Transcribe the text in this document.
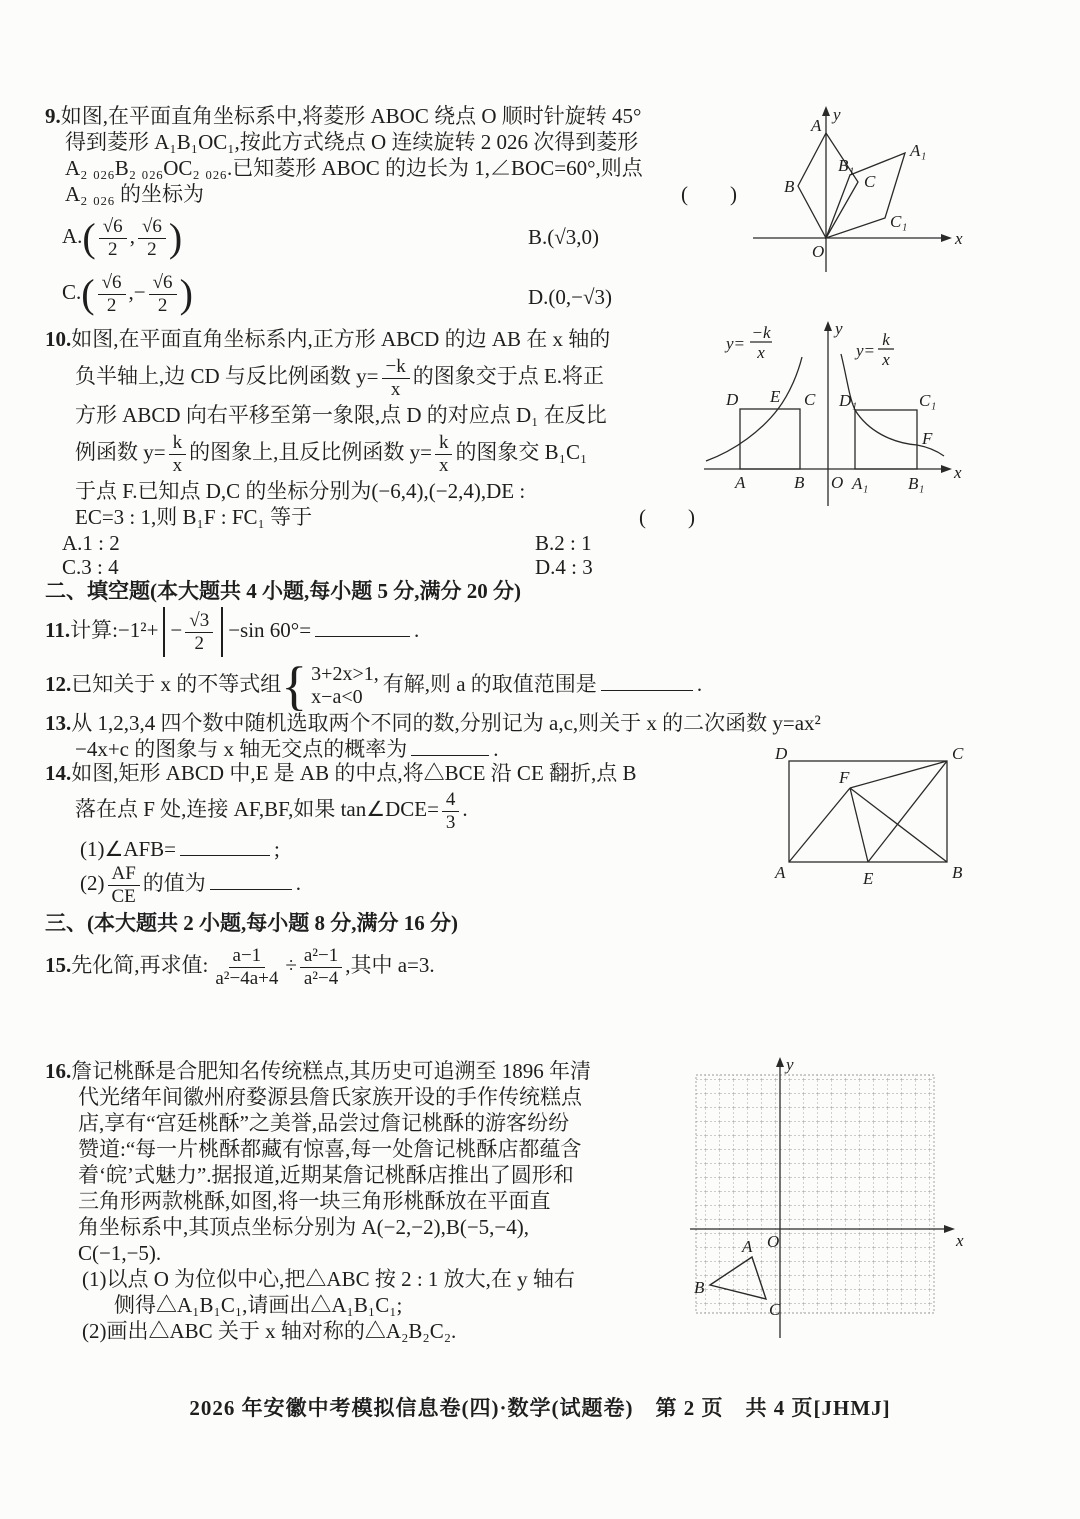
9.如图,在平面直角坐标系中,将菱形 ABOC 绕点 O 顺时针旋转 45°
得到菱形 A₁B₁OC₁,按此方式绕点 O 连续旋转 2 026 次得到菱形
A₂ ₀₂₆B₂ ₀₂₆OC₂ ₀₂₆.已知菱形 ABOC 的边长为 1,∠BOC=60°,则点
A₂ ₀₂₆ 的坐标为	(　　)
$A.( \frac{√6}{2}$ , $\frac{√6}{2}$ )	B.(√3,0)
$C.( \frac{√6}{2}$ ,− $\frac{√6}{2}$ )	D.(0,−√3)
y
x
A
B	C
O
A₁
B₁
C₁
10.如图,在平面直角坐标系内,正方形 ABCD 的边 AB 在 x 轴的
负半轴上,边 CD 与反比例函数 $y= \frac{-k}{x}$ 的图象交于点 E.将正
方形 ABCD 向右平移至第一象限,点 D 的对应点 D₁ 在反比
例函数 $y= \frac{k}{x}$ 的图象上,且反比例函数 $y= \frac{k}{x}$ 的图象交 B₁C₁
于点 F.已知点 D,C 的坐标分别为(−6,4),(−2,4),DE :
EC=3 : 1,则 B₁F : FC₁ 等于	(　　)
A.1 : 2	B.2 : 1
C.3 : 4	D.4 : 3
y
x
D E C
A	B O
D₁	C₁
A₁ B₁
F
y=
−k
x	y=
k
x
二、填空题(本大题共 4 小题,每小题 5 分,满分 20 分)
11.计算:−1²+ − $\frac{√3}{2} -\sin$ 60°=	.
12.已知关于 x 的不等式组{ 3+2x>1,
x−a<0
有解,则 a 的取值范围是	.
13.从 1,2,3,4 四个数中随机选取两个不同的数,分别记为 a,c,则关于 x 的二次函数 y=ax²
−4x+c 的图象与 x 轴无交点的概率为	.
14.如图,矩形 ABCD 中,E 是 AB 的中点,将△BCE 沿 CE 翻折,点 B
落在点 F 处,连接 AF,BF,如果 tan∠DCE= $\frac{4}{3}$ .
(1)∠AFB=	;
$(2) \frac{AF}{CE}$ 的值为	.
D	C
A	B
E
F
三、(本大题共 2 小题,每小题 8 分,满分 16 分)
15.先化简,再求值: $\frac{a-1}{\text{a²−4a+4}} \div \frac{\text{a²−1}}{\text{a²−4}}$ ,其中 a=3.
16.詹记桃酥是合肥知名传统糕点,其历史可追溯至 1896 年清
代光绪年间徽州府婺源县詹氏家族开设的手作传统糕点
店,享有“宫廷桃酥”之美誉,品尝过詹记桃酥的游客纷纷
赞道:“每一片桃酥都藏有惊喜,每一处詹记桃酥店都蕴含
着‘皖’式魅力”.据报道,近期某詹记桃酥店推出了圆形和
三角形两款桃酥,如图,将一块三角形桃酥放在平面直
角坐标系中,其顶点坐标分别为 A(−2,−2),B(−5,−4),
C(−1,−5).
(1)以点 O 为位似中心,把△ABC 按 2 : 1 放大,在 y 轴右
侧得△A₁B₁C₁,请画出△A₁B₁C₁;
(2)画出△ABC 关于 x 轴对称的△A₂B₂C₂.
y
x
O
A
B
C
2026 年安徽中考模拟信息卷(四)·数学(试题卷)　第 2 页　共 4 页[JHMJ]
